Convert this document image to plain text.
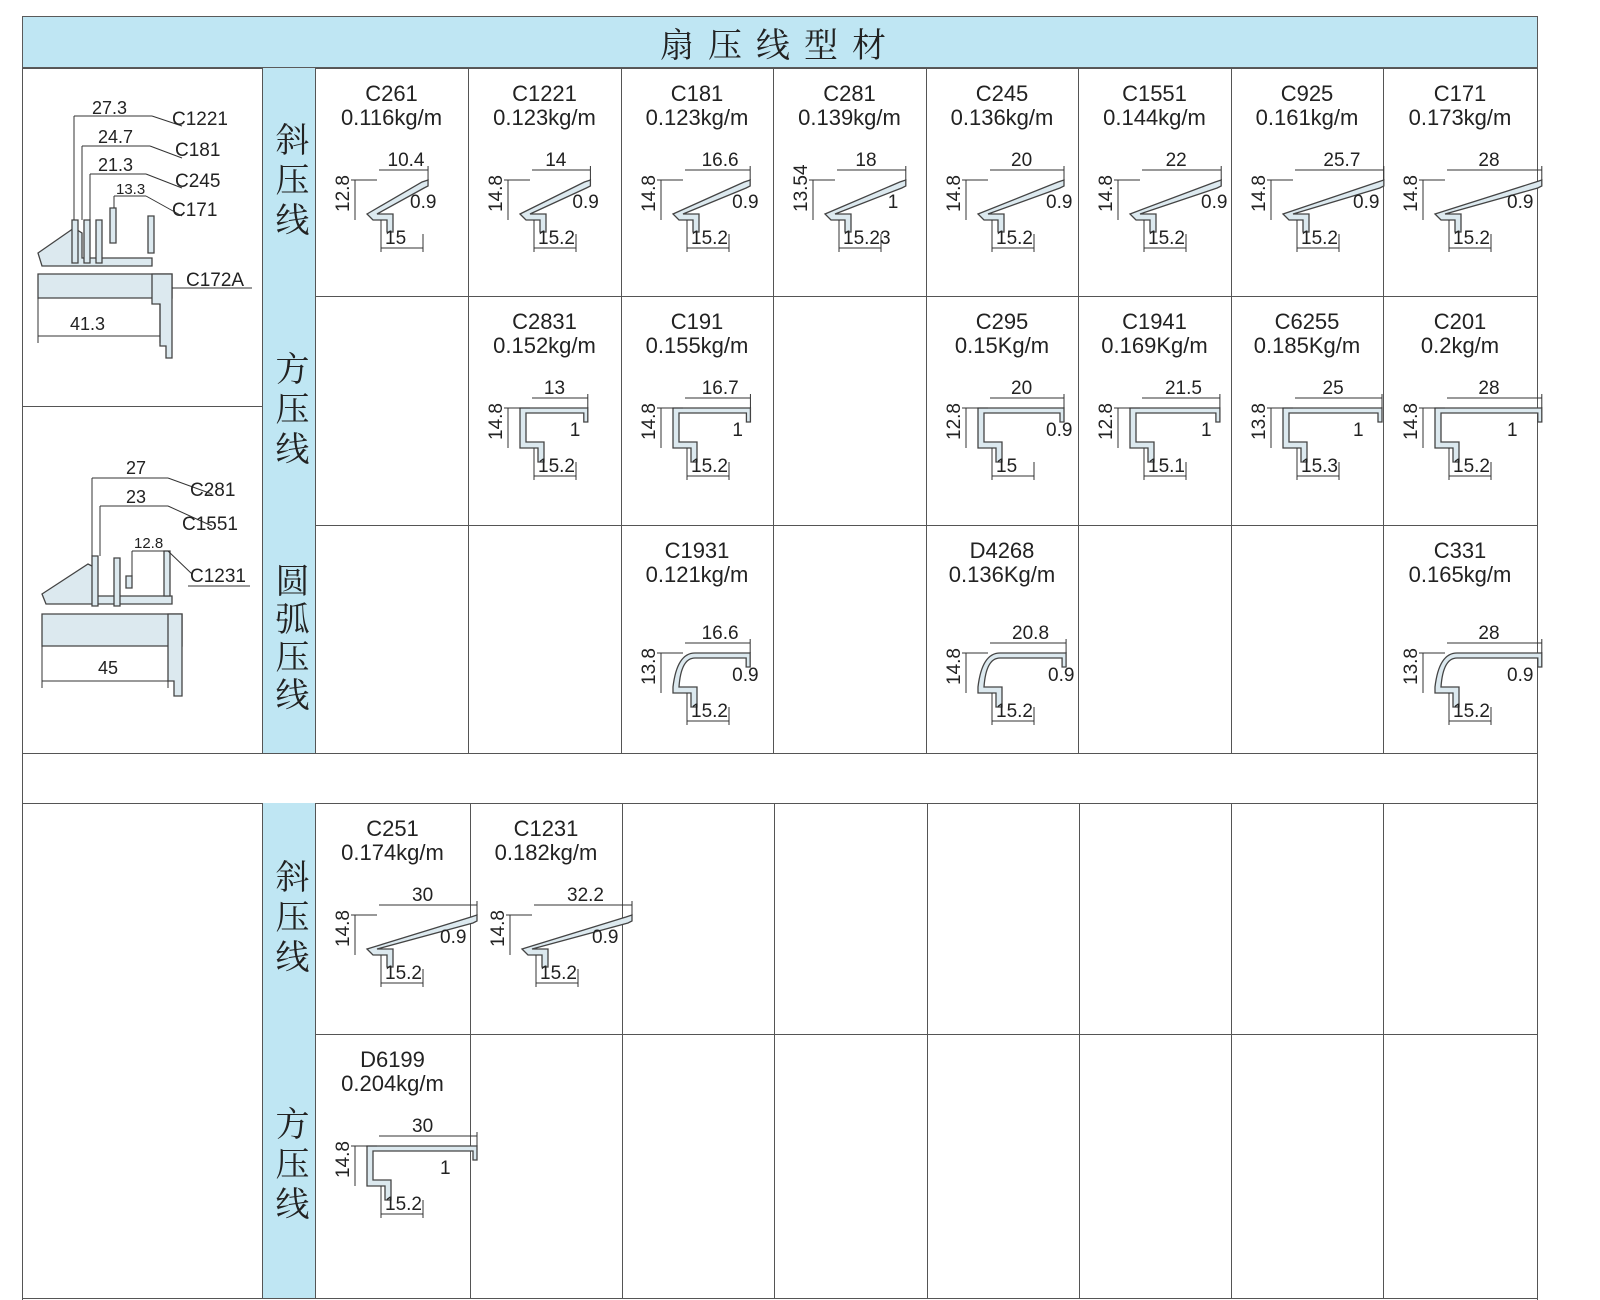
扇压线型材
斜压线
方压线
圆弧压线
斜压线
方压线
27.3
24.7
21.3
13.3
41.3
C1221
C181
C245
C171
C172A
27
23
12.8
45
C281
C1551
C1231
C261
0.116kg/m
10.4
12.8
15
0.9
C1221
0.123kg/m
14
14.8
15.2
0.9
C181
0.123kg/m
16.6
14.8
15.2
0.9
C281
0.139kg/m
18
13.54
15.23
1
C245
0.136kg/m
20
14.8
15.2
0.9
C1551
0.144kg/m
22
14.8
15.2
0.9
C925
0.161kg/m
25.7
14.8
15.2
0.9
C171
0.173kg/m
28
14.8
15.2
0.9
C2831
0.152kg/m
13
14.8
15.2
1
C191
0.155kg/m
16.7
14.8
15.2
1
C295
0.15Kg/m
20
12.8
15
0.9
C1941
0.169Kg/m
21.5
12.8
15.1
1
C6255
0.185Kg/m
25
13.8
15.3
1
C201
0.2kg/m
28
14.8
15.2
1
C1931
0.121kg/m
16.6
13.8
15.2
0.9
D4268
0.136Kg/m
20.8
14.8
15.2
0.9
C331
0.165kg/m
28
13.8
15.2
0.9
C251
0.174kg/m
30
14.8
15.2
0.9
C1231
0.182kg/m
32.2
14.8
15.2
0.9
D6199
0.204kg/m
30
14.8
15.2
1
